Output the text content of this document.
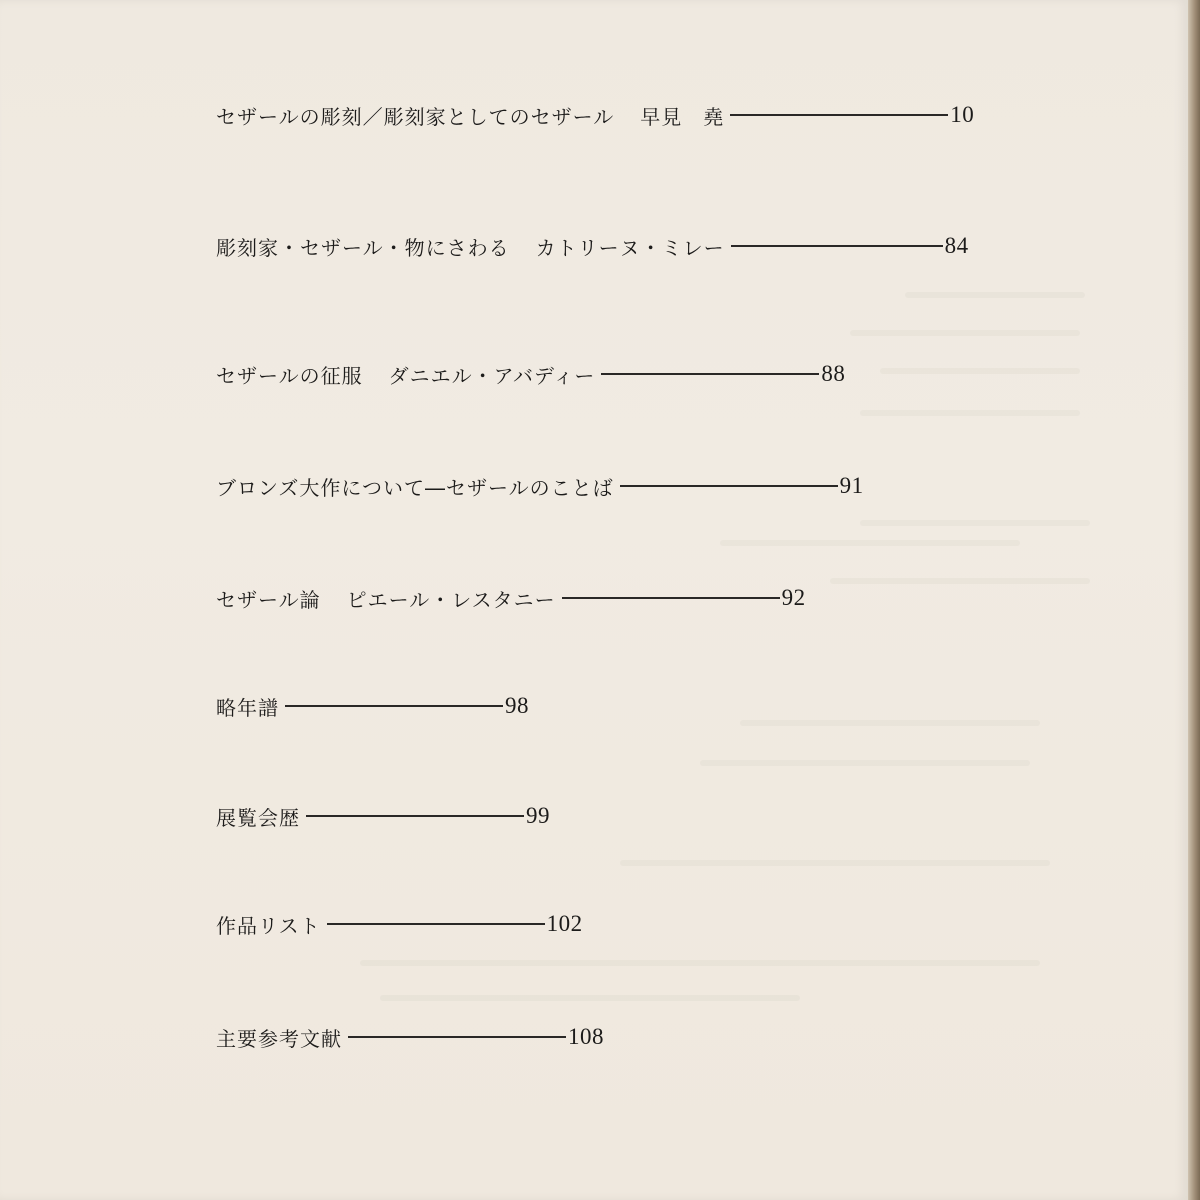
セザールの彫刻／彫刻家としてのセザール 早見　堯	10
彫刻家・セザール・物にさわる カトリーヌ・ミレー	84
セザールの征服 ダニエル・アバディー	88
ブロンズ大作について―セザールのことば	91
セザール論 ピエール・レスタニー	92
略年譜	98
展覧会歴	99
作品リスト	102
主要参考文献	108
